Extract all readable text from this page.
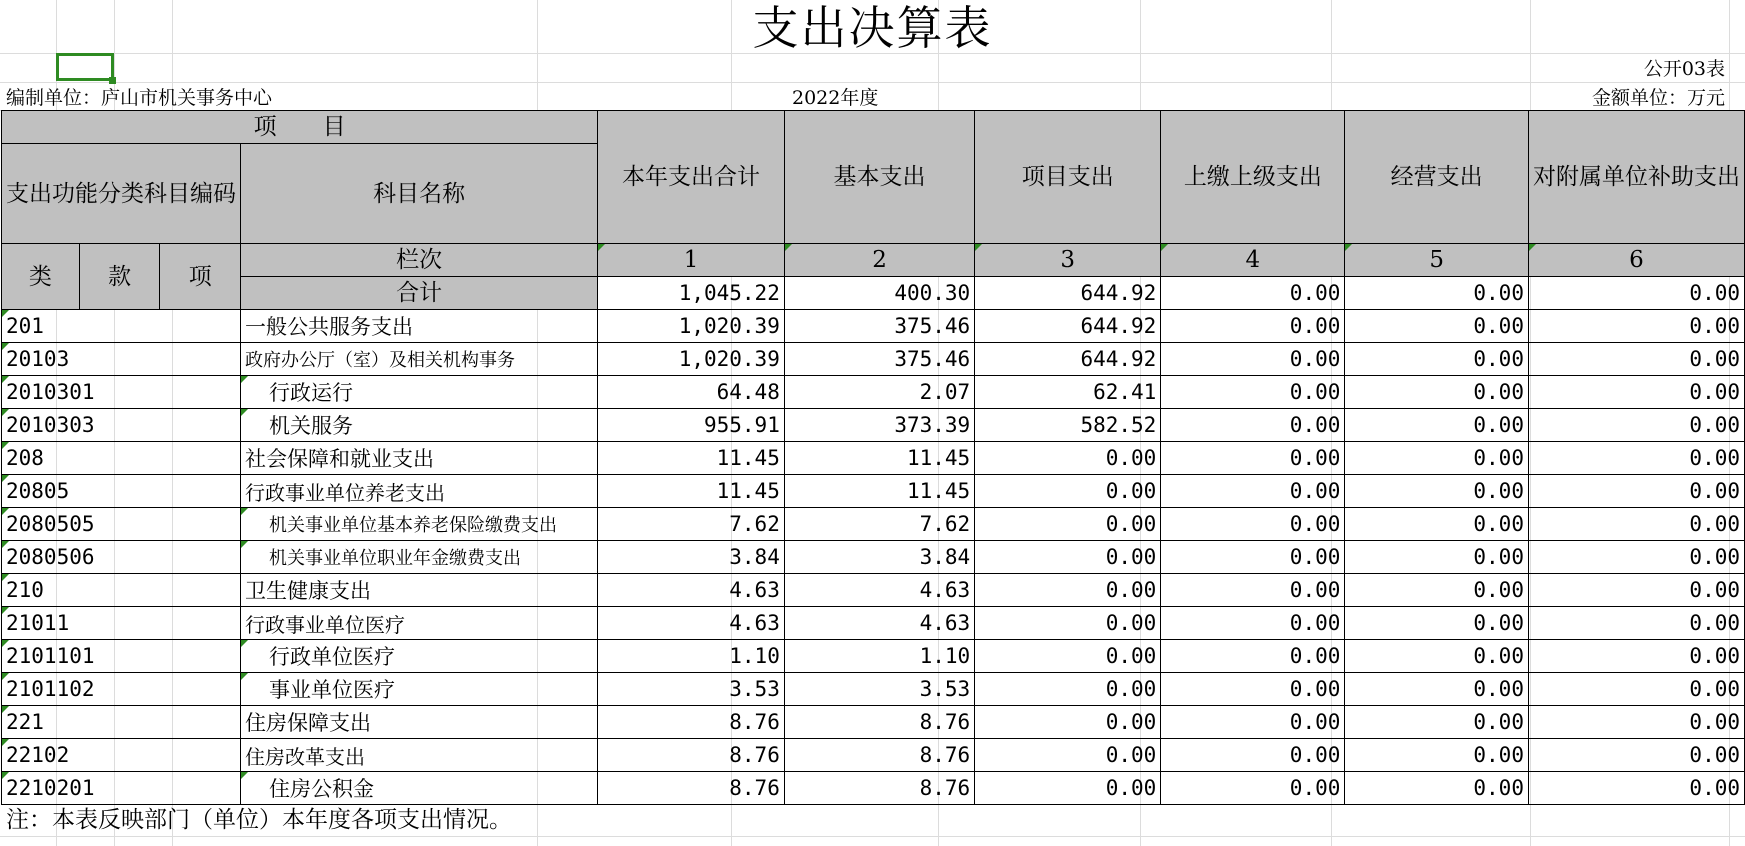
支出决算表
公开03表
编制单位：庐山市机关事务中心	2022年度	金额单位：万元
项　　目				本年支出合计	基本支出	项目支出	上缴上级支出	经营支出	对附属单位补助支出
支出功能分类科目编码			科目名称						
类	款	项	栏次	1	2	3	4	5	6
			合计	1,045.22	400.30	644.92	0.00	0.00	0.00
201			一般公共服务支出	1,020.39	375.46	644.92	0.00	0.00	0.00
20103			政府办公厅（室）及相关机构事务	1,020.39	375.46	644.92	0.00	0.00	0.00
2010301			行政运行	64.48	2.07	62.41	0.00	0.00	0.00
2010303			机关服务	955.91	373.39	582.52	0.00	0.00	0.00
208			社会保障和就业支出	11.45	11.45	0.00	0.00	0.00	0.00
20805			行政事业单位养老支出	11.45	11.45	0.00	0.00	0.00	0.00
2080505			机关事业单位基本养老保险缴费支出	7.62	7.62	0.00	0.00	0.00	0.00
2080506			机关事业单位职业年金缴费支出	3.84	3.84	0.00	0.00	0.00	0.00
210			卫生健康支出	4.63	4.63	0.00	0.00	0.00	0.00
21011			行政事业单位医疗	4.63	4.63	0.00	0.00	0.00	0.00
2101101			行政单位医疗	1.10	1.10	0.00	0.00	0.00	0.00
2101102			事业单位医疗	3.53	3.53	0.00	0.00	0.00	0.00
221			住房保障支出	8.76	8.76	0.00	0.00	0.00	0.00
22102			住房改革支出	8.76	8.76	0.00	0.00	0.00	0.00
2210201			住房公积金	8.76	8.76	0.00	0.00	0.00	0.00
注：本表反映部门（单位）本年度各项支出情况。
